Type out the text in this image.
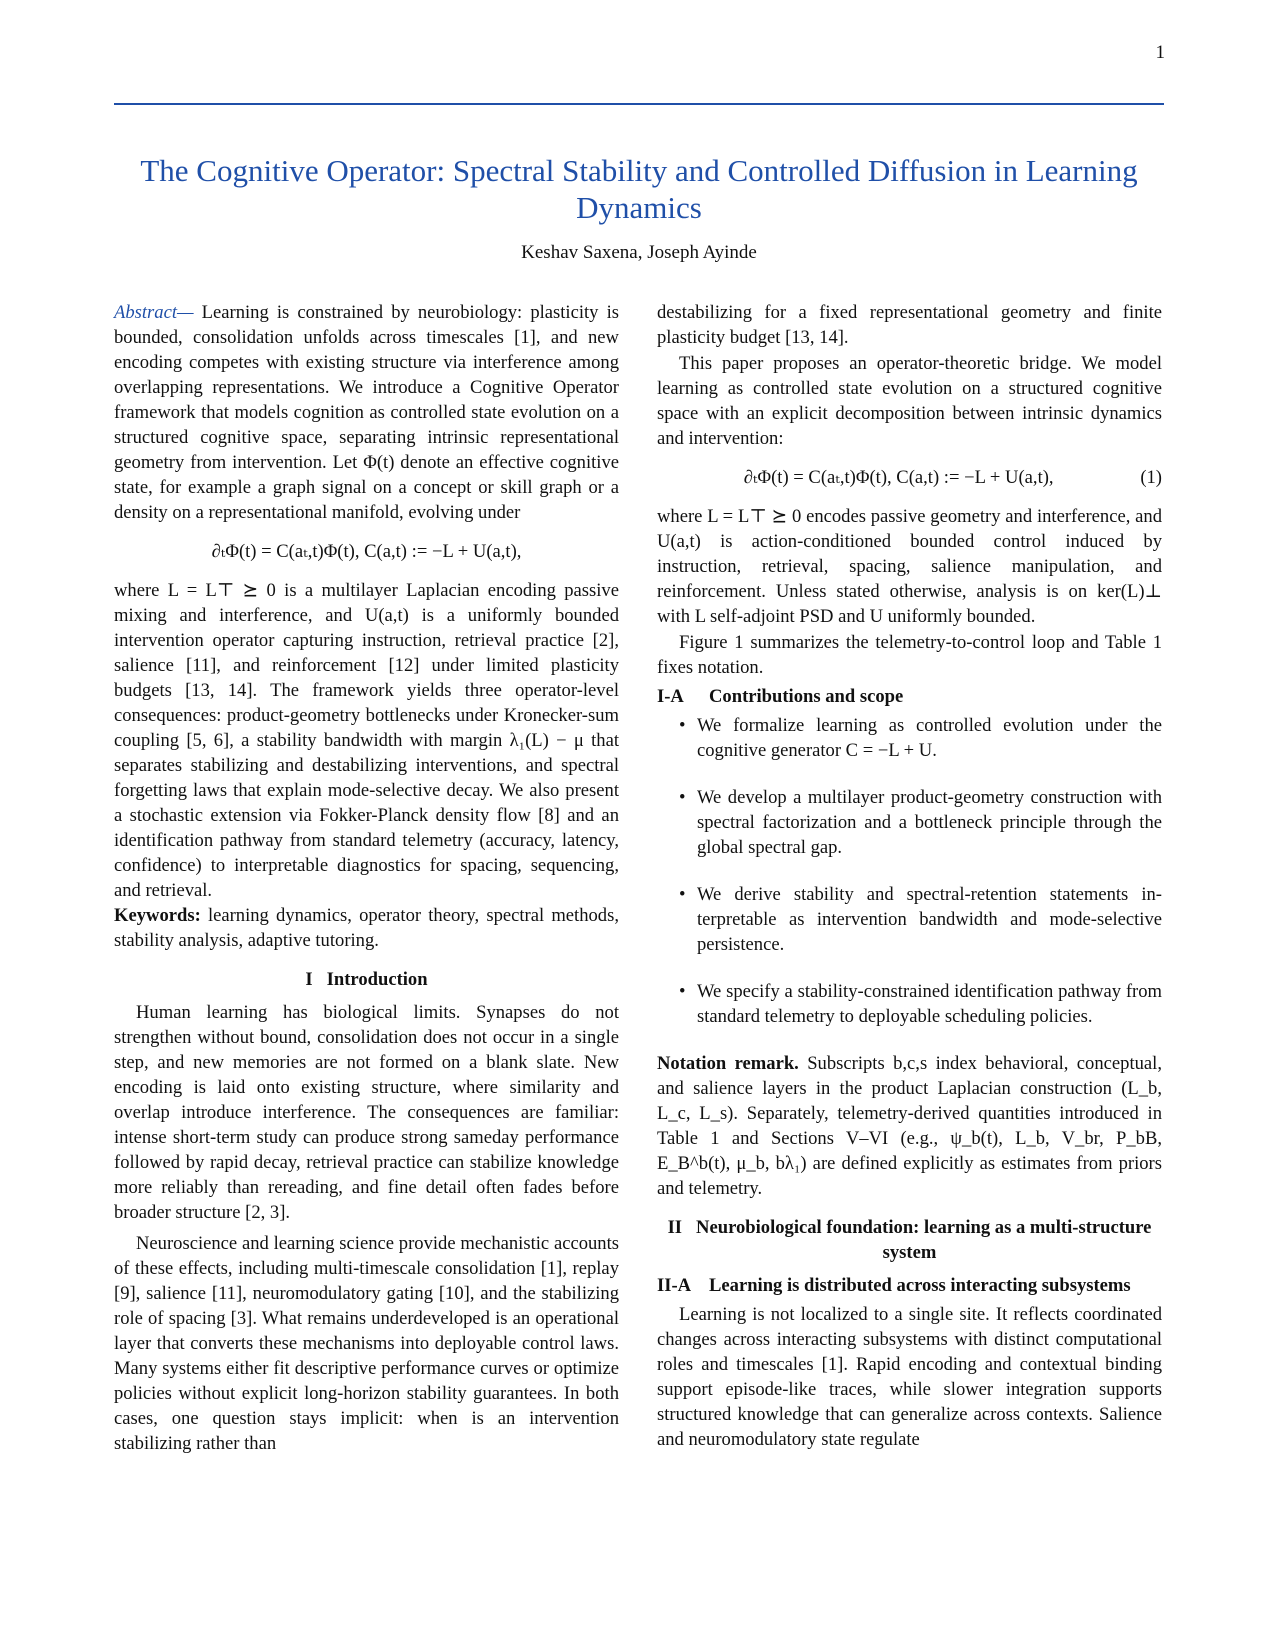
1
The Cognitive Operator: Spectral Stability and Controlled Diffusion in Learning Dynamics
Keshav Saxena, Joseph Ayinde

Abstract— Learning is constrained by neurobiology: plasticity is bounded, consolidation unfolds across timescales [1], and new encoding competes with existing structure via interference among overlapping representations. We introduce a Cognitive Operator framework that models cognition as controlled state evolution on a structured cognitive space, separating intrinsic representational geometry from intervention. Let Φ(t) denote an effective cognitive state, for example a graph signal on a concept or skill graph or a density on a representational manifold, evolving under

∂ₜΦ(t) = C(aₜ,t)Φ(t), C(a,t) := −L + U(a,t),

where L = L⊤ ⪰ 0 is a multilayer Laplacian encoding passive mixing and interference, and U(a,t) is a uniformly bounded intervention operator capturing instruction, retrieval practice [2], salience [11], and reinforcement [12] under limited plasticity budgets [13, 14]. The framework yields three operator-level consequences: product-geometry bottlenecks under Kronecker-sum coupling [5, 6], a stability bandwidth with margin λ₁(L) − μ that separates stabilizing and destabilizing interventions, and spectral forgetting laws that explain mode-selective decay. We also present a stochastic extension via Fokker-Planck density flow [8] and an identification pathway from standard telemetry (accuracy, latency, confidence) to interpretable diagnostics for spacing, sequencing, and retrieval.

Keywords: learning dynamics, operator theory, spectral methods, stability analysis, adaptive tutoring.

I Introduction

Human learning has biological limits. Synapses do not strengthen without bound, consolidation does not occur in a single step, and new memories are not formed on a blank slate. New encoding is laid onto existing structure, where similarity and overlap introduce interference. The consequences are familiar: intense short-term study can produce strong sameday performance followed by rapid decay, retrieval practice can stabilize knowledge more reliably than rereading, and fine detail often fades before broader structure [2, 3].

Neuroscience and learning science provide mechanistic accounts of these effects, including multi-timescale consolidation [1], replay [9], salience [11], neuromodulatory gating [10], and the stabilizing role of spacing [3]. What remains underdeveloped is an operational layer that converts these mechanisms into deployable control laws. Many systems either fit descriptive performance curves or optimize policies without explicit long-horizon stability guarantees. In both cases, one question stays implicit: when is an intervention stabilizing rather than

destabilizing for a fixed representational geometry and finite plasticity budget [13, 14].

This paper proposes an operator-theoretic bridge. We model learning as controlled state evolution on a structured cognitive space with an explicit decomposition between intrinsic dynamics and intervention:

∂ₜΦ(t) = C(aₜ,t)Φ(t), C(a,t) := −L + U(a,t),	(1)

where L = L⊤ ⪰ 0 encodes passive geometry and interference, and U(a,t) is action-conditioned bounded control induced by instruction, retrieval, spacing, salience manipulation, and reinforcement. Unless stated otherwise, analysis is on ker(L)⊥ with L self-adjoint PSD and U uniformly bounded.

Figure 1 summarizes the telemetry-to-control loop and Table 1 fixes notation.

I-A	Contributions and scope
• We formalize learning as controlled evolution under the cognitive generator C = −L + U.
• We develop a multilayer product-geometry construction with spectral factorization and a bottleneck principle through the global spectral gap.
• We derive stability and spectral-retention statements interpretable as intervention bandwidth and mode-selective persistence.
• We specify a stability-constrained identification pathway from standard telemetry to deployable scheduling policies.

Notation remark. Subscripts b,c,s index behavioral, conceptual, and salience layers in the product Laplacian construction (L_b, L_c, L_s). Separately, telemetry-derived quantities introduced in Table 1 and Sections V–VI (e.g., ψ_b(t), L_b, V_br, P_bB, E_B^b(t), μ_b, bλ₁) are defined explicitly as estimates from priors and telemetry.

II Neurobiological foundation: learning as a multi-structure system
II-A Learning is distributed across interacting subsystems

Learning is not localized to a single site. It reflects coordinated changes across interacting subsystems with distinct computational roles and timescales [1]. Rapid encoding and contextual binding support episode-like traces, while slower integration supports structured knowledge that can generalize across contexts. Salience and neuromodulatory state regulate
